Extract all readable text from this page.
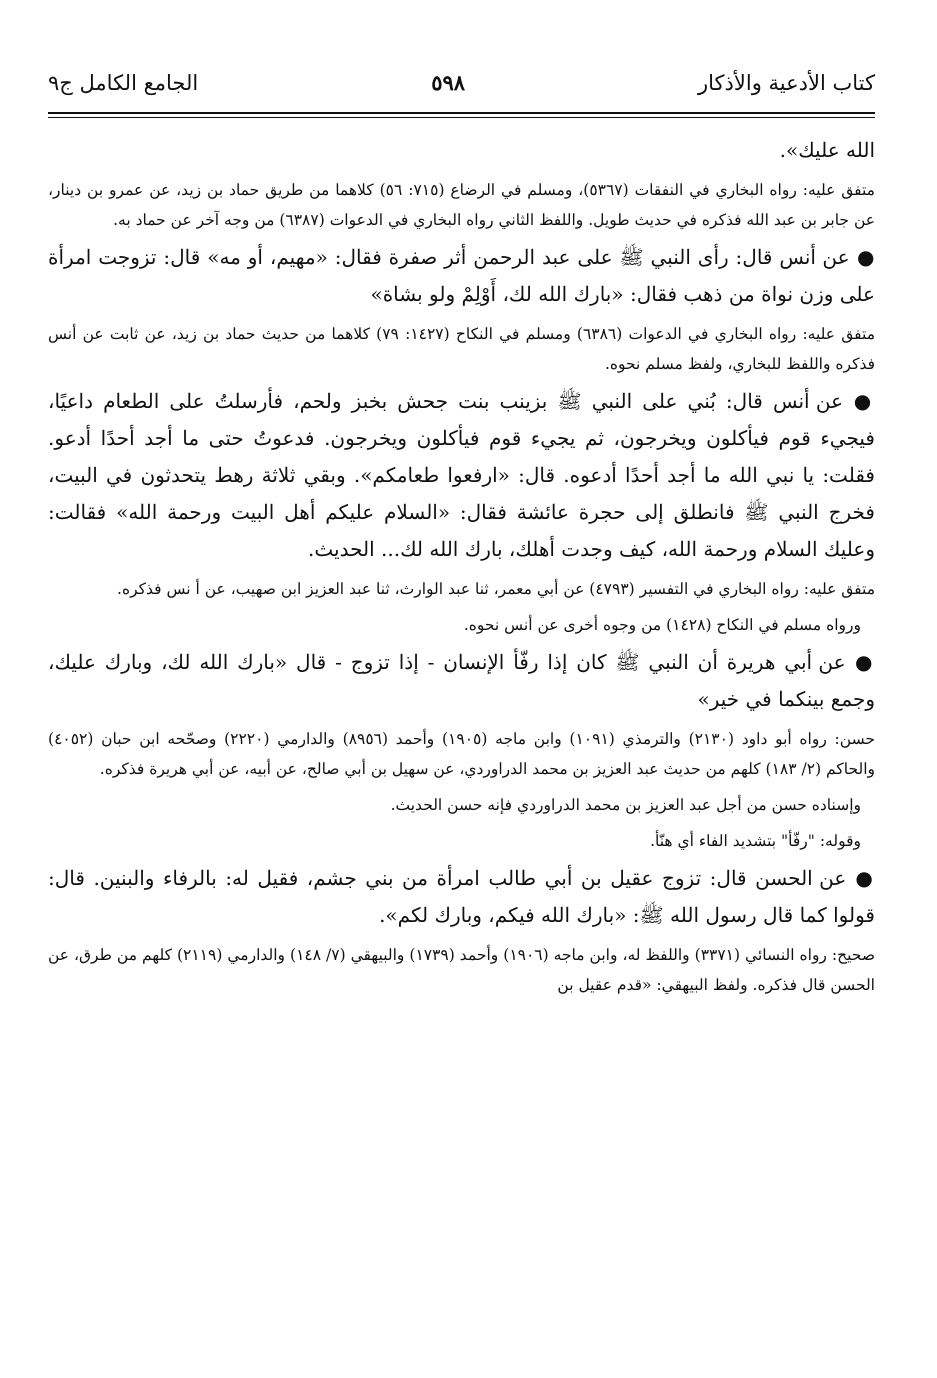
كتاب الأدعية والأذكار
٥٩٨
الجامع الكامل ج٩

الله عليك».

متفق عليه: رواه البخاري في النفقات (٥٣٦٧)، ومسلم في الرضاع (٧١٥: ٥٦) كلاهما من طريق حماد بن زيد، عن عمرو بن دينار، عن جابر بن عبد الله فذكره في حديث طويل. واللفظ الثاني رواه البخاري في الدعوات (٦٣٨٧) من وجه آخر عن حماد به.

● عن أنس قال: رأى النبي ﷺ على عبد الرحمن أثر صفرة فقال: «مهيم، أو مه» قال: تزوجت امرأة على وزن نواة من ذهب فقال: «بارك الله لك، أَوْلِمْ ولو بشاة»

متفق عليه: رواه البخاري في الدعوات (٦٣٨٦) ومسلم في النكاح (١٤٢٧: ٧٩) كلاهما من حديث حماد بن زيد، عن ثابت عن أنس فذكره واللفظ للبخاري، ولفظ مسلم نحوه.

● عن أنس قال: بُني على النبي ﷺ بزينب بنت جحش بخبز ولحم، فأرسلتُ على الطعام داعيًا، فيجيء قوم فيأكلون ويخرجون، ثم يجيء قوم فيأكلون ويخرجون. فدعوتُ حتى ما أجد أحدًا أدعو. فقلت: يا نبي الله ما أجد أحدًا أدعوه. قال: «ارفعوا طعامكم». وبقي ثلاثة رهط يتحدثون في البيت، فخرج النبي ﷺ فانطلق إلى حجرة عائشة فقال: «السلام عليكم أهل البيت ورحمة الله» فقالت: وعليك السلام ورحمة الله، كيف وجدت أهلك، بارك الله لك... الحديث.

متفق عليه: رواه البخاري في التفسير (٤٧٩٣) عن أبي معمر، ثنا عبد الوارث، ثنا عبد العزيز ابن صهيب، عن أ نس فذكره.

ورواه مسلم في النكاح (١٤٢٨) من وجوه أخرى عن أنس نحوه.

● عن أبي هريرة أن النبي ﷺ كان إذا رفّأ الإنسان - إذا تزوج - قال «بارك الله لك، وبارك عليك، وجمع بينكما في خير»

حسن: رواه أبو داود (٢١٣٠) والترمذي (١٠٩١) وابن ماجه (١٩٠٥) وأحمد (٨٩٥٦) والدارمي (٢٢٢٠) وصحّحه ابن حبان (٤٠٥٢) والحاكم (٢/ ١٨٣) كلهم من حديث عبد العزيز بن محمد الدراوردي، عن سهيل بن أبي صالح، عن أبيه، عن أبي هريرة فذكره.

وإسناده حسن من أجل عبد العزيز بن محمد الدراوردي فإنه حسن الحديث.

وقوله: "رفّأ" بتشديد الفاء أي هنّأ.

● عن الحسن قال: تزوج عقيل بن أبي طالب امرأة من بني جشم، فقيل له: بالرفاء والبنين. قال: قولوا كما قال رسول الله ﷺ: «بارك الله فيكم، وبارك لكم».

صحيح: رواه النسائي (٣٣٧١) واللفظ له، وابن ماجه (١٩٠٦) وأحمد (١٧٣٩) والبيهقي (٧/ ١٤٨) والدارمي (٢١١٩) كلهم من طرق، عن الحسن قال فذكره. ولفظ البيهقي: «قدم عقيل بن
